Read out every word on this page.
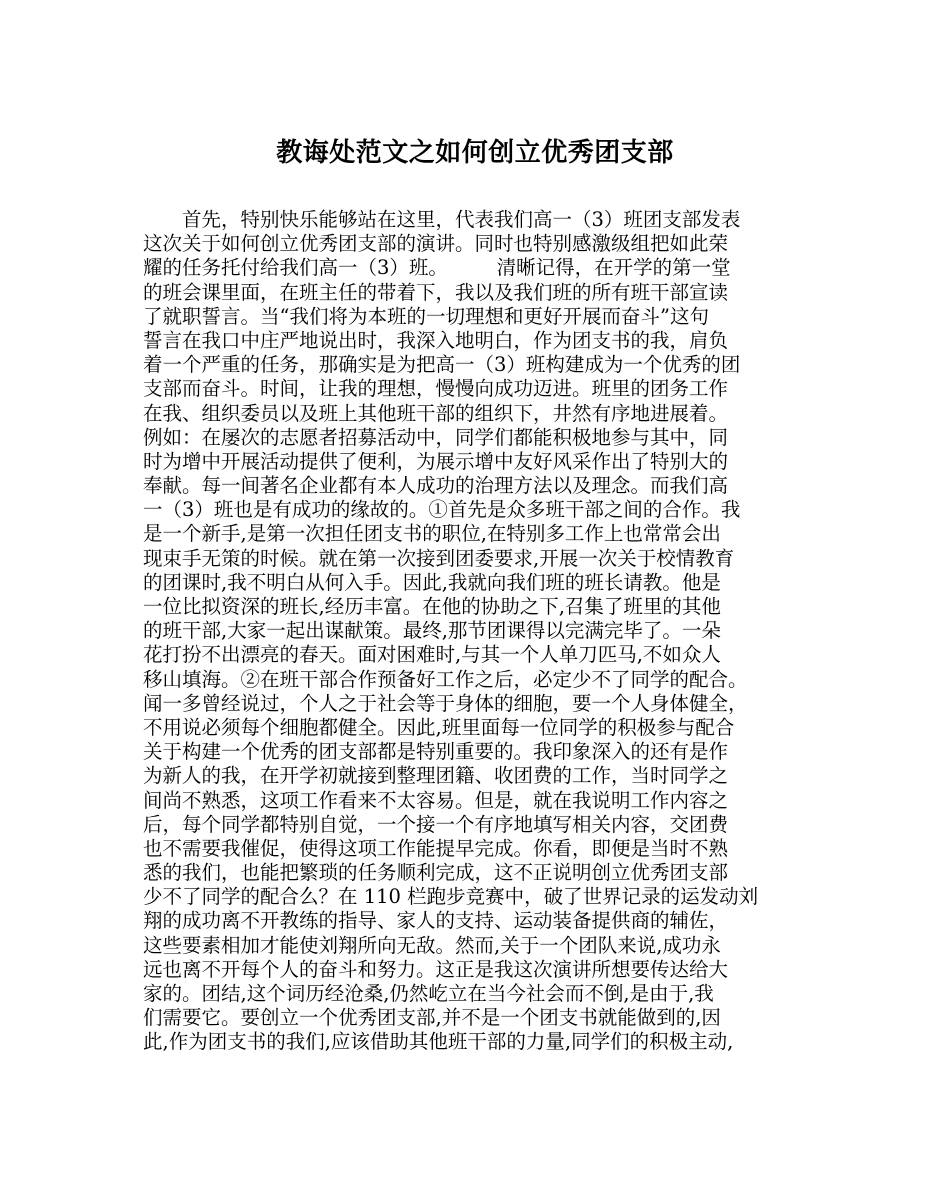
教诲处范文之如何创立优秀团支部
　　首先，特别快乐能够站在这里，代表我们高一（3）班团支部发表
这次关于如何创立优秀团支部的演讲。同时也特别感激级组把如此荣
耀的任务托付给我们高一（3）班。　　　清晰记得，在开学的第一堂
的班会课里面，在班主任的带着下，我以及我们班的所有班干部宣读
了就职誓言。当“我们将为本班的一切理想和更好开展而奋斗”这句
誓言在我口中庄严地说出时，我深入地明白，作为团支书的我，肩负
着一个严重的任务，那确实是为把高一（3）班构建成为一个优秀的团
支部而奋斗。时间，让我的理想，慢慢向成功迈进。班里的团务工作
在我、组织委员以及班上其他班干部的组织下，井然有序地进展着。
例如：在屡次的志愿者招募活动中，同学们都能积极地参与其中，同
时为增中开展活动提供了便利，为展示增中友好风采作出了特别大的
奉献。每一间著名企业都有本人成功的治理方法以及理念。而我们高
一（3）班也是有成功的缘故的。①首先是众多班干部之间的合作。我
是一个新手,是第一次担任团支书的职位,在特别多工作上也常常会出
现束手无策的时候。就在第一次接到团委要求,开展一次关于校情教育
的团课时,我不明白从何入手。因此,我就向我们班的班长请教。他是
一位比拟资深的班长,经历丰富。在他的协助之下,召集了班里的其他
的班干部,大家一起出谋献策。最终,那节团课得以完满完毕了。一朵
花打扮不出漂亮的春天。面对困难时,与其一个人单刀匹马,不如众人
移山填海。②在班干部合作预备好工作之后，必定少不了同学的配合。
闻一多曾经说过，个人之于社会等于身体的细胞，要一个人身体健全，
不用说必须每个细胞都健全。因此,班里面每一位同学的积极参与配合
关于构建一个优秀的团支部都是特别重要的。我印象深入的还有是作
为新人的我，在开学初就接到整理团籍、收团费的工作，当时同学之
间尚不熟悉，这项工作看来不太容易。但是，就在我说明工作内容之
后，每个同学都特别自觉，一个接一个有序地填写相关内容，交团费
也不需要我催促，使得这项工作能提早完成。你看，即便是当时不熟
悉的我们，也能把繁琐的任务顺利完成，这不正说明创立优秀团支部
少不了同学的配合么？在 110 栏跑步竞赛中，破了世界记录的运发动刘
翔的成功离不开教练的指导、家人的支持、运动装备提供商的辅佐，
这些要素相加才能使刘翔所向无敌。然而,关于一个团队来说,成功永
远也离不开每个人的奋斗和努力。这正是我这次演讲所想要传达给大
家的。团结,这个词历经沧桑,仍然屹立在当今社会而不倒,是由于,我
们需要它。要创立一个优秀团支部,并不是一个团支书就能做到的,因
此,作为团支书的我们,应该借助其他班干部的力量,同学们的积极主动,
